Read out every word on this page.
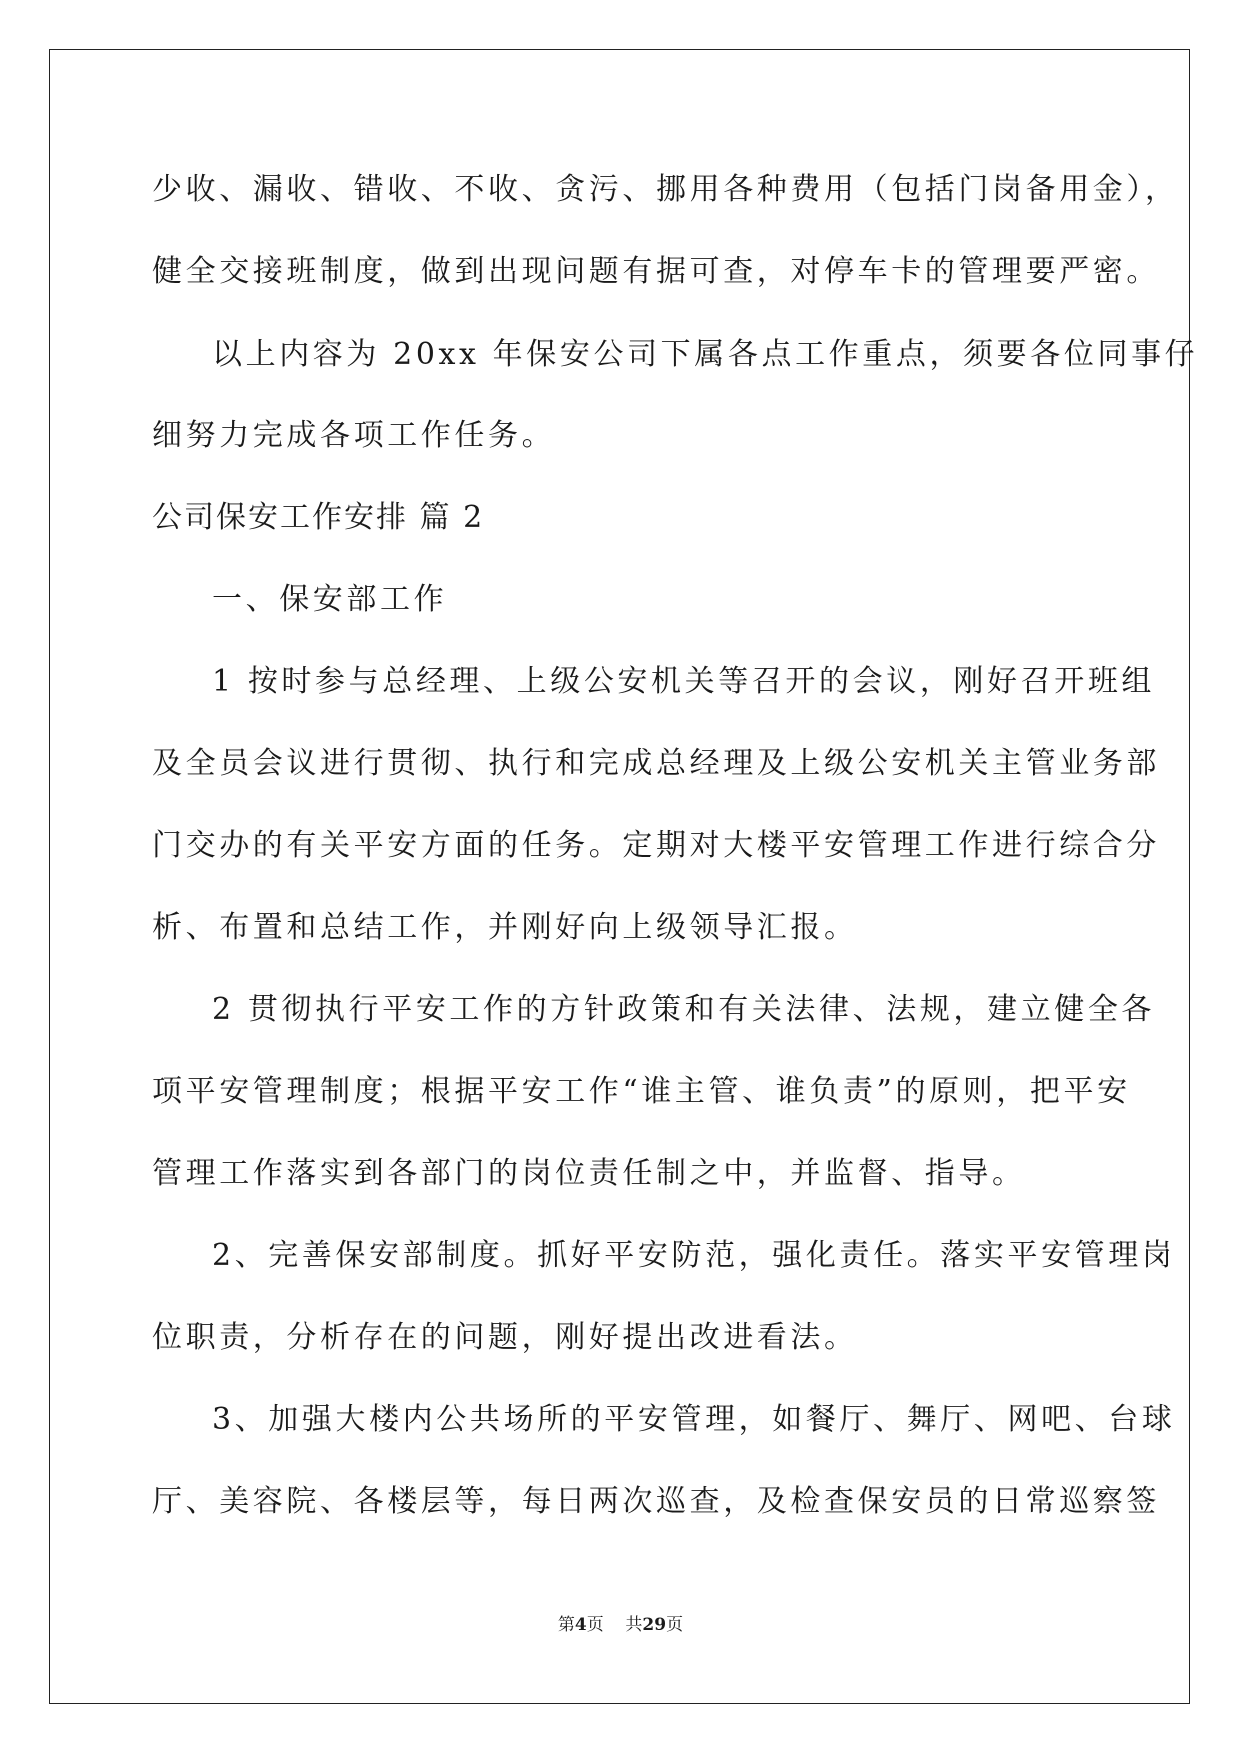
少收、漏收、错收、不收、贪污、挪用各种费用（包括门岗备用金），
健全交接班制度，做到出现问题有据可查，对停车卡的管理要严密。
以上内容为 20xx 年保安公司下属各点工作重点，须要各位同事仔
细努力完成各项工作任务。
公司保安工作安排 篇 2
一、保安部工作
1 按时参与总经理、上级公安机关等召开的会议，刚好召开班组
及全员会议进行贯彻、执行和完成总经理及上级公安机关主管业务部
门交办的有关平安方面的任务。定期对大楼平安管理工作进行综合分
析、布置和总结工作，并刚好向上级领导汇报。
2 贯彻执行平安工作的方针政策和有关法律、法规，建立健全各
项平安管理制度；根据平安工作“谁主管、谁负责”的原则，把平安
管理工作落实到各部门的岗位责任制之中，并监督、指导。
2、完善保安部制度。抓好平安防范，强化责任。落实平安管理岗
位职责，分析存在的问题，刚好提出改进看法。
3、加强大楼内公共场所的平安管理，如餐厅、舞厅、网吧、台球
厅、美容院、各楼层等，每日两次巡查，及检查保安员的日常巡察签
第4页 共29页
